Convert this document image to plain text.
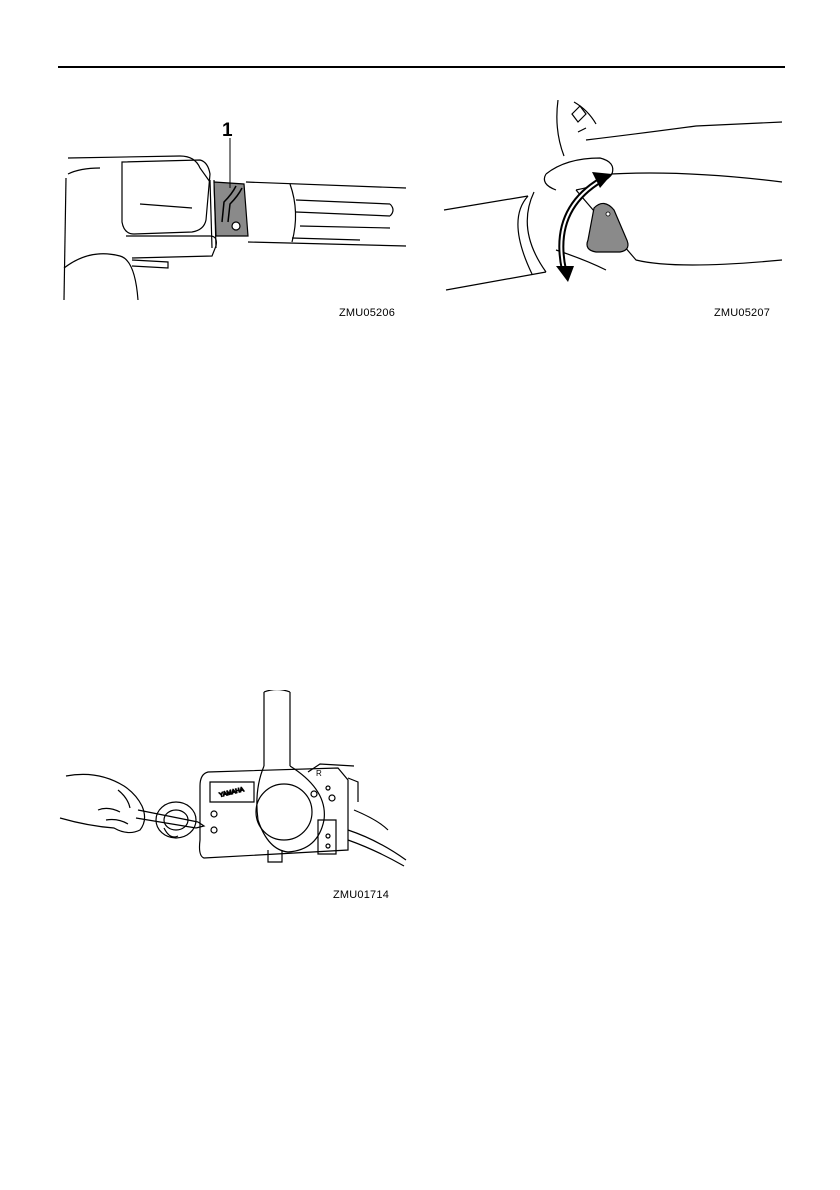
1
ZMU05206	ZMU05207
YAMAHA
R
ZMU01714
